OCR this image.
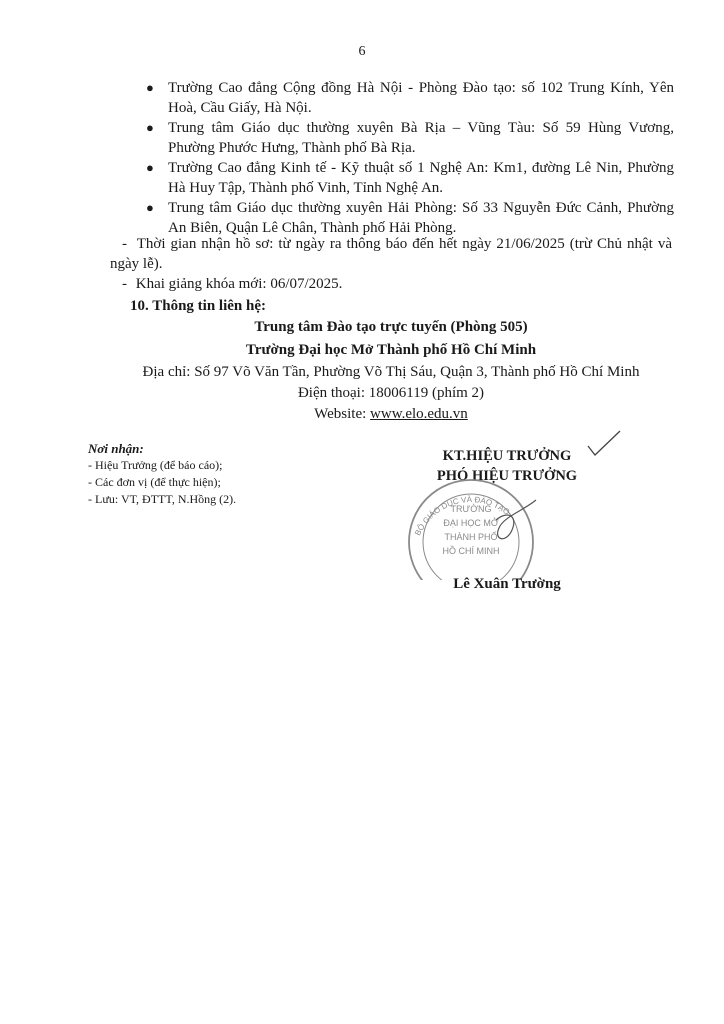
6
● Trường Cao đẳng Cộng đồng Hà Nội - Phòng Đào tạo: số 102 Trung Kính, Yên Hoà, Cầu Giấy, Hà Nội.
● Trung tâm Giáo dục thường xuyên Bà Rịa – Vũng Tàu: Số 59 Hùng Vương, Phường Phước Hưng, Thành phố Bà Rịa.
● Trường Cao đẳng Kinh tế - Kỹ thuật số 1 Nghệ An: Km1, đường Lê Nin, Phường Hà Huy Tập, Thành phố Vinh, Tỉnh Nghệ An.
● Trung tâm Giáo dục thường xuyên Hải Phòng: Số 33 Nguyễn Đức Cảnh, Phường An Biên, Quận Lê Chân, Thành phố Hải Phòng.
- Thời gian nhận hồ sơ: từ ngày ra thông báo đến hết ngày 21/06/2025 (trừ Chủ nhật và ngày lễ).
- Khai giảng khóa mới: 06/07/2025.
10. Thông tin liên hệ:
Trung tâm Đào tạo trực tuyến (Phòng 505)
Trường Đại học Mở Thành phố Hồ Chí Minh
Địa chỉ: Số 97 Võ Văn Tần, Phường Võ Thị Sáu, Quận 3, Thành phố Hồ Chí Minh
Điện thoại: 18006119 (phím 2)
Website: www.elo.edu.vn
Nơi nhận:
- Hiệu Trưởng (để báo cáo);
- Các đơn vị (để thực hiện);
- Lưu: VT, ĐTTT, N.Hồng (2).
KT.HIỆU TRƯỞNG
PHÓ HIỆU TRƯỞNG
BỘ GIÁO DỤC VÀ ĐÀO TẠO
TRƯỜNG
ĐẠI HỌC MỞ
THÀNH PHỐ
HỒ CHÍ MINH
Lê Xuân Trường
